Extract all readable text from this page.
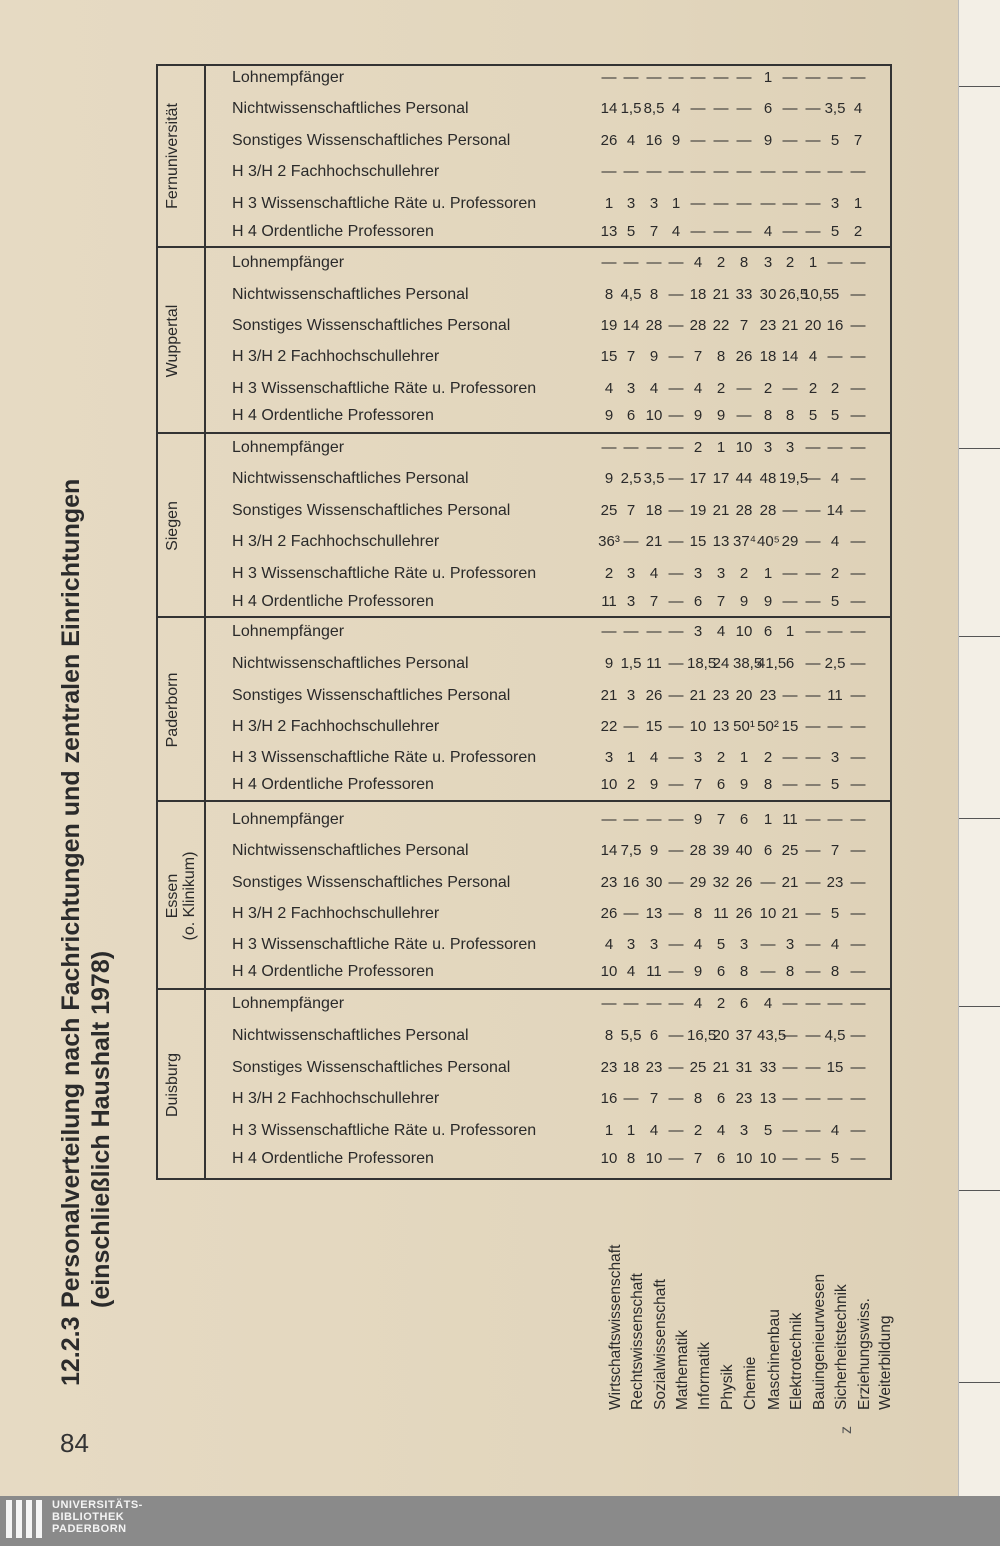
12.2.3Personalverteilung nach Fachrichtungen und zentralen Einrichtungen (einschließlich Haushalt 1978)	Duisburg
H 4 Ordentliche Professoren
H 3 Wissenschaftliche Räte u. Professoren
H 3/H 2 Fachhochschullehrer
Sonstiges Wissenschaftliches Personal
Nichtwissenschaftliches Personal
Lohnempfänger
10
1
16
23
8
—
8
1
—
18
5,5
—
10
4
7
23
6
—
—
—
—
—
—
—
7
2
8
25
16,5
4
6
4
6
21
20
2
10
3
23
31
37
6
10
5
13
33
43,5
4
—
—
—
—
—
—
—
—
—
—
—
—
5
4
—
15
4,5
—
—
—
—
—
—
—
Essen (o. Klinikum)
H 4 Ordentliche Professoren
H 3 Wissenschaftliche Räte u. Professoren
H 3/H 2 Fachhochschullehrer
Sonstiges Wissenschaftliches Personal
Nichtwissenschaftliches Personal
Lohnempfänger
10
4
26
23
14
—
4
3
—
16
7,5
—
11
3
13
30
9
—
—
—
—
—
—
—
9
4
8
29
28
9
6
5
11
32
39
7
8
3
26
26
40
6
—
—
10
—
6
1
8
3
21
21
25
11
—
—
—
—
—
—
8
4
5
23
7
—
—
—
—
—
—
—
Paderborn
H 4 Ordentliche Professoren
H 3 Wissenschaftliche Räte u. Professoren
H 3/H 2 Fachhochschullehrer
Sonstiges Wissenschaftliches Personal
Nichtwissenschaftliches Personal
Lohnempfänger
10
3
22
21
9
—
2
1
—
3
1,5
—
9
4
15
26
11
—
—
—
—
—
—
—
7
3
10
21
18,5
3
6
2
13
23
24
4
9
1
50¹
20
38,5
10
8
2
50²
23
41,5
6
—
—
15
—
6
1
—
—
—
—
—
—
5
3
—
11
2,5
—
—
—
—
—
—
—
Siegen
H 4 Ordentliche Professoren
H 3 Wissenschaftliche Räte u. Professoren
H 3/H 2 Fachhochschullehrer
Sonstiges Wissenschaftliches Personal
Nichtwissenschaftliches Personal
Lohnempfänger
11
2
36³
25
9
—
3
3
—
7
2,5
—
7
4
21
18
3,5
—
—
—
—
—
—
—
6
3
15
19
17
2
7
3
13
21
17
1
9
2
37⁴
28
44
10
9
1
40⁵
28
48
3
—
—
29
—
19,5
3
—
—
—
—
—
—
5
2
4
14
4
—
—
—
—
—
—
—
Wuppertal
H 4 Ordentliche Professoren
H 3 Wissenschaftliche Räte u. Professoren
H 3/H 2 Fachhochschullehrer
Sonstiges Wissenschaftliches Personal
Nichtwissenschaftliches Personal
Lohnempfänger
9
4
15
19
8
—
6
3
7
14
4,5
—
10
4
9
28
8
—
—
—
—
—
—
—
9
4
7
28
18
4
9
2
8
22
21
2
—
—
26
7
33
8
8
2
18
23
30
3
8
—
14
21
26,5
2
5
2
4
20
10,5
1
5
2
—
16
5
—
—
—
—
—
—
—
Fernuniversität
H 4 Ordentliche Professoren
H 3 Wissenschaftliche Räte u. Professoren
H 3/H 2 Fachhochschullehrer
Sonstiges Wissenschaftliches Personal
Nichtwissenschaftliches Personal
Lohnempfänger
13
1
—
26
14
—
5
3
—
4
1,5
—
7
3
—
16
8,5
—
4
1
—
9
4
—
—
—
—
—
—
—
—
—
—
—
—
—
—
—
—
—
—
—
4
—
—
9
6
1
—
—
—
—
—
—
—
—
—
—
—
—
5
3
—
5
3,5
—
2
1
—
7
4
—
Wirtschaftswissenschaft Rechtswissenschaft Sozialwissenschaft Mathematik Informatik Physik Chemie Maschinenbau Elektrotechnik Bauingenieurwesen Sicherheitstechnik Erziehungswiss. Weiterbildung
z
84
UNIVERSITÄTS-
BIBLIOTHEK
PADERBORN
